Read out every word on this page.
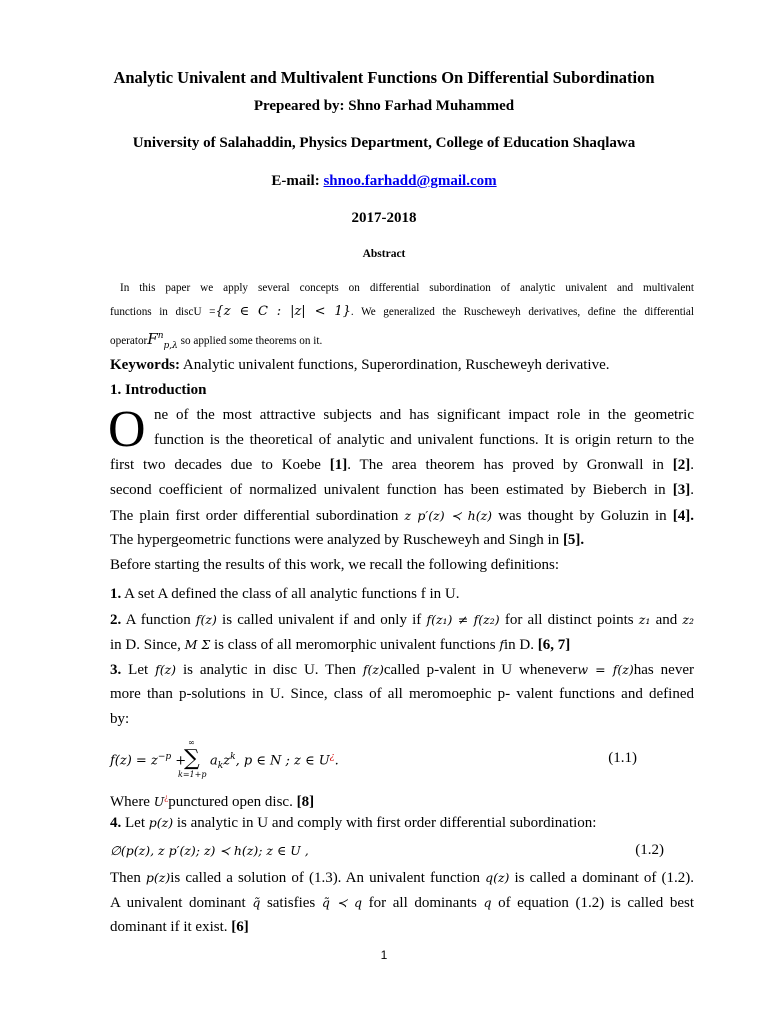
Analytic Univalent and Multivalent Functions On Differential Subordination
Prepeared by: Shno Farhad Muhammed
University of Salahaddin, Physics Department, College of Education Shaqlawa
E-mail: shnoo.farhadd@gmail.com
2017-2018
Abstract
In this paper we apply several concepts on differential subordination of analytic univalent and multivalent
functions in discU ={z ∈ C : |z| < 1}. We generalized the Ruscheweyh derivatives, define the differential
operatorF$^n_{p,\lambda}$ so applied some theorems on it.
Keywords: Analytic univalent functions, Superordination, Ruscheweyh derivative.
1. Introduction
O ne of the most attractive subjects and has significant impact role in the geometric
function is the theoretical of analytic and univalent functions. It is origin return to the
first two decades due to Koebe [1]. The area theorem has proved by Gronwall in [2].
second coefficient of normalized univalent function has been estimated by Bieberch in [3].
The plain first order differential subordination z p′(z) ≺ h(z) was thought by Goluzin in [4].
The hypergeometric functions were analyzed by Ruscheweyh and Singh in [5].
Before starting the results of this work, we recall the following definitions:
1. A set A defined the class of all analytic functions f in U.
2. A function f(z) is called univalent if and only if f(z₁) ≠ f(z₂) for all distinct points z₁ and z₂
in D. Since, M Σ is class of all meromorphic univalent functions fin D. [6, 7]
3. Let f(z) is analytic in disc U. Then f(z)called p-valent in U wheneverw = f(z)has never
more than p-solutions in U. Since, class of all meromoephic p- valent functions and defined
by:
$f(z) = z^{-p}$ +
∞
∑
k=1+p
$a_kz^k$, p ∈ N ; z ∈ U¿.	(1.1)
Where U¿punctured open disc. [8]
4. Let p(z) is analytic in U and comply with first order differential subordination:
∅(p(z), z p′(z); z) ≺ h(z); z ∈ U ,	(1.2)
Then p(z)is called a solution of (1.3). An univalent function q(z) is called a dominant of (1.2).
A univalent dominant q̃ satisfies q̃ ≺ q for all dominants q of equation (1.2) is called best
dominant if it exist. [6]
1
